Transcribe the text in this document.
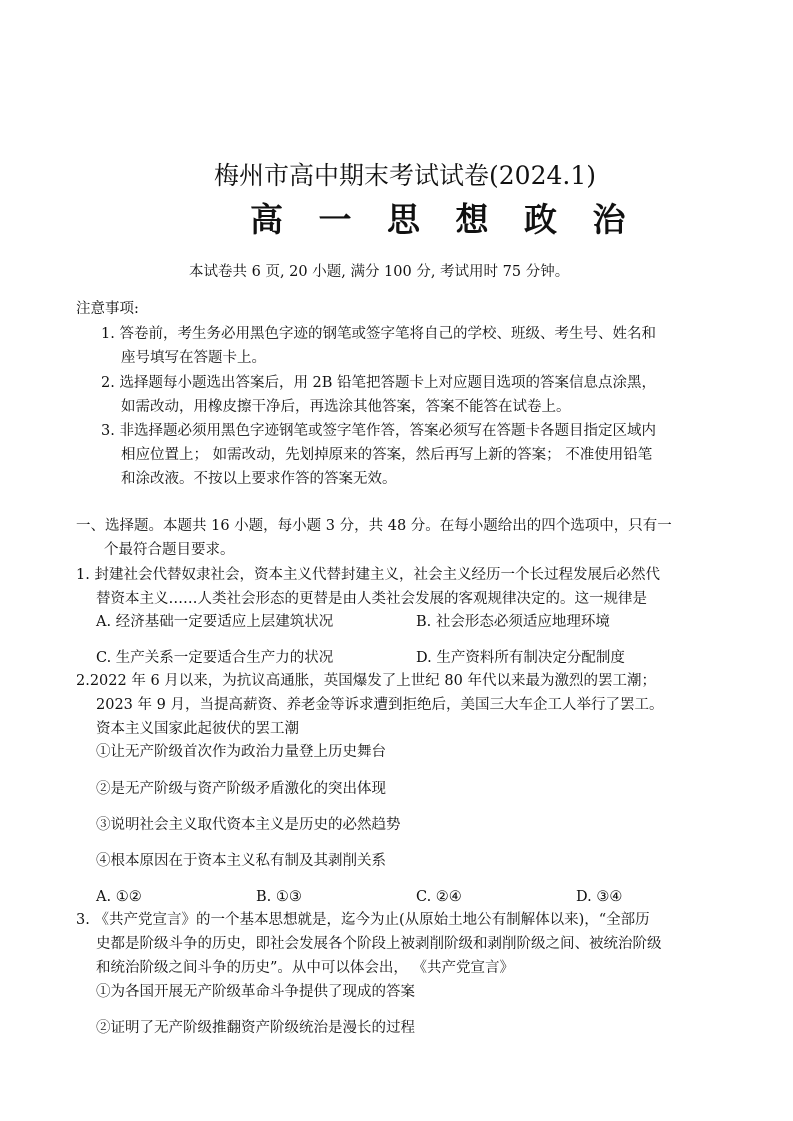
梅州市高中期末考试试卷(2024.1)
高 一 思 想 政 治
本试卷共 6 页, 20 小题, 满分 100 分, 考试用时 75 分钟。
注意事项:
1. 答卷前，考生务必用黑色字迹的钢笔或签字笔将自己的学校、班级、考生号、姓名和
座号填写在答题卡上。
2. 选择题每小题选出答案后，用 2B 铅笔把答题卡上对应题目选项的答案信息点涂黑，
如需改动，用橡皮擦干净后，再选涂其他答案，答案不能答在试卷上。
3. 非选择题必须用黑色字迹钢笔或签字笔作答，答案必须写在答题卡各题目指定区域内
相应位置上； 如需改动，先划掉原来的答案，然后再写上新的答案； 不准使用铅笔
和涂改液。不按以上要求作答的答案无效。
一、选择题。本题共 16 小题，每小题 3 分，共 48 分。在每小题给出的四个选项中，只有一
个最符合题目要求。
1. 封建社会代替奴隶社会，资本主义代替封建主义，社会主义经历一个长过程发展后必然代
替资本主义……人类社会形态的更替是由人类社会发展的客观规律决定的。这一规律是
A. 经济基础一定要适应上层建筑状况	B. 社会形态必须适应地理环境
C. 生产关系一定要适合生产力的状况	D. 生产资料所有制决定分配制度
2.2022 年 6 月以来，为抗议高通胀，英国爆发了上世纪 80 年代以来最为激烈的罢工潮；
2023 年 9 月，当提高薪资、养老金等诉求遭到拒绝后，美国三大车企工人举行了罢工。
资本主义国家此起彼伏的罢工潮
①让无产阶级首次作为政治力量登上历史舞台
②是无产阶级与资产阶级矛盾激化的突出体现
③说明社会主义取代资本主义是历史的必然趋势
④根本原因在于资本主义私有制及其剥削关系
A. ①②	B. ①③	C. ②④	D. ③④
3. 《共产党宣言》的一个基本思想就是，迄今为止(从原始土地公有制解体以来)，“全部历
史都是阶级斗争的历史，即社会发展各个阶段上被剥削阶级和剥削阶级之间、被统治阶级
和统治阶级之间斗争的历史”。从中可以体会出， 《共产党宣言》
①为各国开展无产阶级革命斗争提供了现成的答案
②证明了无产阶级推翻资产阶级统治是漫长的过程
